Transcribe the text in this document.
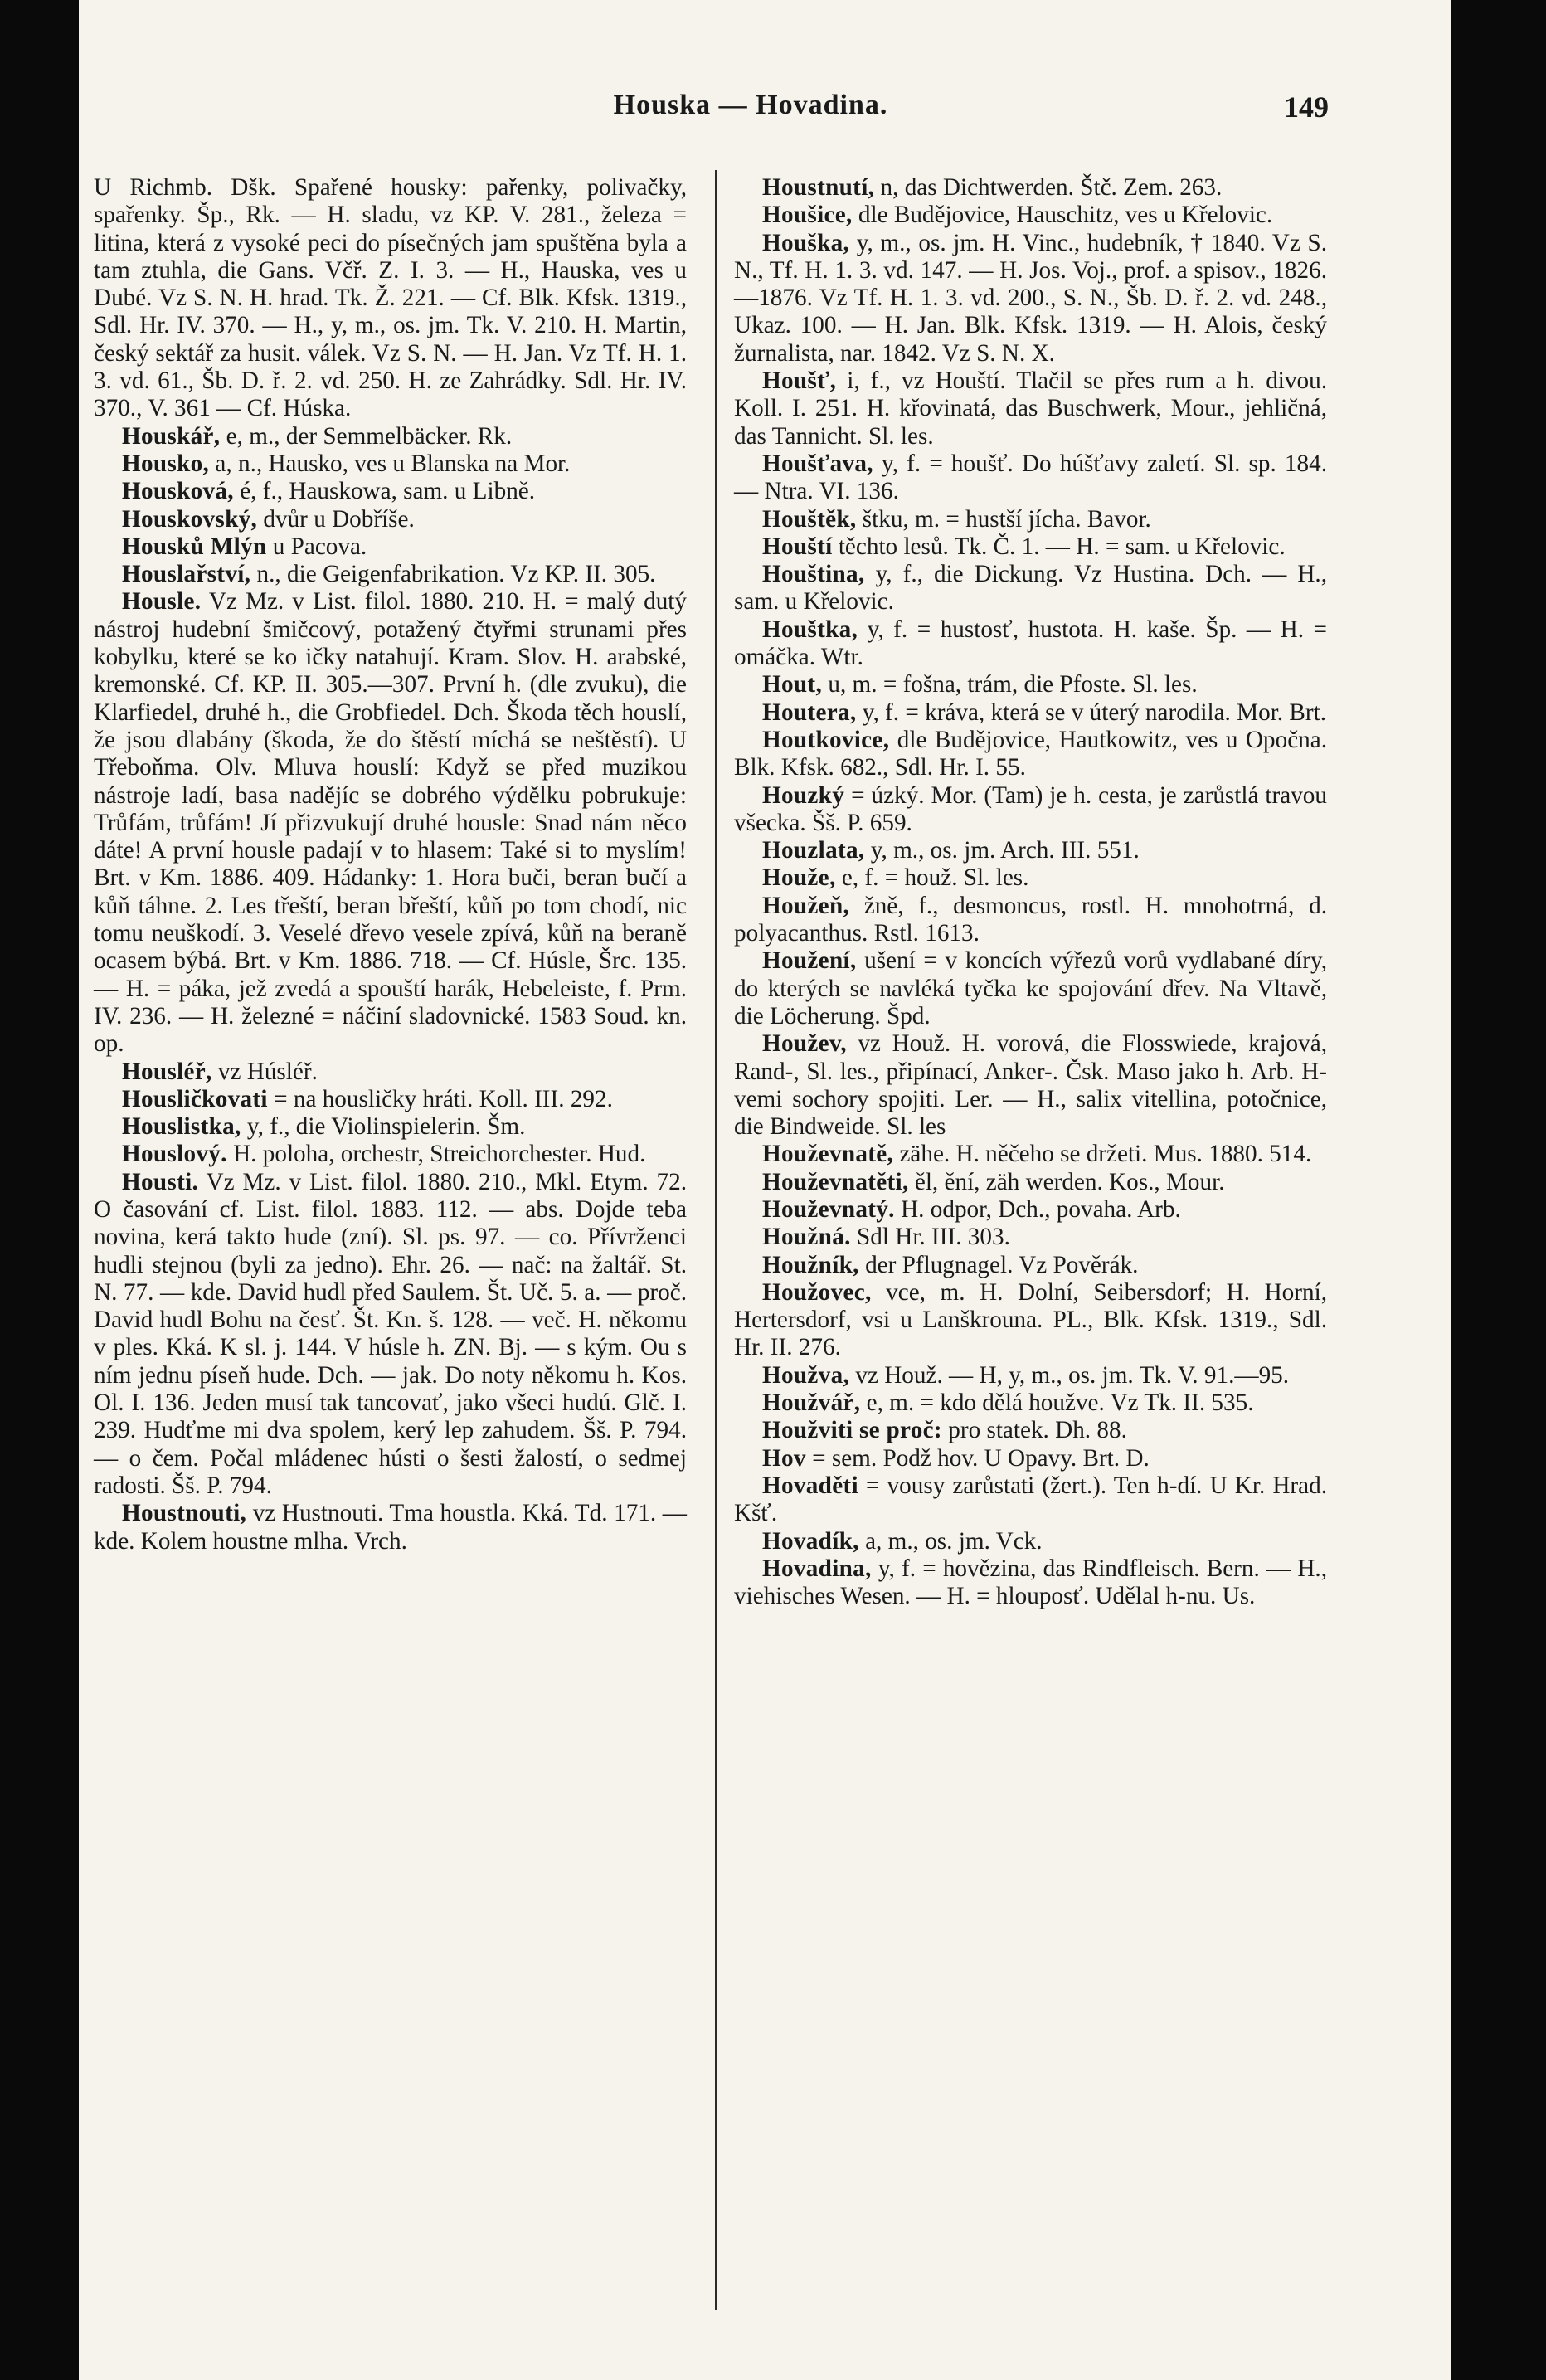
Houska — Hovadina.	149

U Richmb. Dšk. Spařené housky: pařenky, polivačky, spařenky. Šp., Rk. — H. sladu, vz KP. V. 281., železa = litina, která z vysoké peci do písečných jam spuštěna byla a tam ztuhla, die Gans. Včř. Z. I. 3. — H., Hauska, ves u Dubé. Vz S. N. H. hrad. Tk. Ž. 221. — Cf. Blk. Kfsk. 1319., Sdl. Hr. IV. 370. — H., y, m., os. jm. Tk. V. 210. H. Martin, český sektář za husit. válek. Vz S. N. — H. Jan. Vz Tf. H. 1. 3. vd. 61., Šb. D. ř. 2. vd. 250. H. ze Zahrádky. Sdl. Hr. IV. 370., V. 361 — Cf. Húska.

Houskář, e, m., der Semmelbäcker. Rk.

Housko, a, n., Hausko, ves u Blanska na Mor.

Housková, é, f., Hauskowa, sam. u Libně.

Houskovský, dvůr u Dobříše.

Housků Mlýn u Pacova.

Houslařství, n., die Geigenfabrikation. Vz KP. II. 305.

Housle. Vz Mz. v List. filol. 1880. 210. H. = malý dutý nástroj hudební šmičcový, potažený čtyřmi strunami přes kobylku, které se ko ičky natahují. Kram. Slov. H. arabské, kremonské. Cf. KP. II. 305.—307. První h. (dle zvuku), die Klarfiedel, druhé h., die Grobfiedel. Dch. Škoda těch houslí, že jsou dlabány (škoda, že do štěstí míchá se neštěstí). U Třeboňma. Olv. Mluva houslí: Když se před muzikou nástroje ladí, basa nadějíc se dobrého výdělku pobrukuje: Trůfám, trůfám! Jí přizvukují druhé housle: Snad nám něco dáte! A první housle padají v to hlasem: Také si to myslím! Brt. v Km. 1886. 409. Hádanky: 1. Hora buči, beran bučí a kůň táhne. 2. Les třeští, beran břeští, kůň po tom chodí, nic tomu neuškodí. 3. Veselé dřevo vesele zpívá, kůň na beraně ocasem býbá. Brt. v Km. 1886. 718. — Cf. Húsle, Šrc. 135. — H. = páka, jež zvedá a spouští harák, Hebeleiste, f. Prm. IV. 236. — H. železné = náčiní sladovnické. 1583 Soud. kn. op.

Housléř, vz Húsléř.

Housličkovati = na housličky hráti. Koll. III. 292.

Houslistka, y, f., die Violinspielerin. Šm.

Houslový. H. poloha, orchestr, Streichorchester. Hud.

Housti. Vz Mz. v List. filol. 1880. 210., Mkl. Etym. 72. O časování cf. List. filol. 1883. 112. — abs. Dojde teba novina, kerá takto hude (zní). Sl. ps. 97. — co. Přívrženci hudli stejnou (byli za jedno). Ehr. 26. — nač: na žaltář. St. N. 77. — kde. David hudl před Saulem. Št. Uč. 5. a. — proč. David hudl Bohu na česť. Št. Kn. š. 128. — več. H. někomu v ples. Kká. K sl. j. 144. V húsle h. ZN. Bj. — s kým. Ou s ním jednu píseň hude. Dch. — jak. Do noty někomu h. Kos. Ol. I. 136. Jeden musí tak tancovať, jako všeci hudú. Glč. I. 239. Hudťme mi dva spolem, kerý lep zahudem. Šš. P. 794. — o čem. Počal mládenec hústi o šesti žalostí, o sedmej radosti. Šš. P. 794.

Houstnouti, vz Hustnouti. Tma houstla. Kká. Td. 171. — kde. Kolem houstne mlha. Vrch.

Houstnutí, n, das Dichtwerden. Štč. Zem. 263.

Houšice, dle Budějovice, Hauschitz, ves u Křelovic.

Houška, y, m., os. jm. H. Vinc., hudebník, † 1840. Vz S. N., Tf. H. 1. 3. vd. 147. — H. Jos. Voj., prof. a spisov., 1826.—1876. Vz Tf. H. 1. 3. vd. 200., S. N., Šb. D. ř. 2. vd. 248., Ukaz. 100. — H. Jan. Blk. Kfsk. 1319. — H. Alois, český žurnalista, nar. 1842. Vz S. N. X.

Houšť, i, f., vz Houští. Tlačil se přes rum a h. divou. Koll. I. 251. H. křovinatá, das Buschwerk, Mour., jehličná, das Tannicht. Sl. les.

Houšťava, y, f. = houšť. Do húšťavy zaletí. Sl. sp. 184. — Ntra. VI. 136.

Houštěk, štku, m. = hustší jícha. Bavor.

Houští těchto lesů. Tk. Č. 1. — H. = sam. u Křelovic.

Houština, y, f., die Dickung. Vz Hustina. Dch. — H., sam. u Křelovic.

Houštka, y, f. = hustosť, hustota. H. kaše. Šp. — H. = omáčka. Wtr.

Hout, u, m. = fošna, trám, die Pfoste. Sl. les.

Houtera, y, f. = kráva, která se v úterý narodila. Mor. Brt.

Houtkovice, dle Budějovice, Hautkowitz, ves u Opočna. Blk. Kfsk. 682., Sdl. Hr. I. 55.

Houzký = úzký. Mor. (Tam) je h. cesta, je zarůstlá travou všecka. Šš. P. 659.

Houzlata, y, m., os. jm. Arch. III. 551.

Houže, e, f. = houž. Sl. les.

Houžeň, žně, f., desmoncus, rostl. H. mnohotrná, d. polyacanthus. Rstl. 1613.

Houžení, ušení = v koncích výřezů vorů vydlabané díry, do kterých se navléká tyčka ke spojování dřev. Na Vltavě, die Löcherung. Špd.

Houžev, vz Houž. H. vorová, die Flosswiede, krajová, Rand-, Sl. les., připínací, Anker-. Čsk. Maso jako h. Arb. H-vemi sochory spojiti. Ler. — H., salix vitellina, potočnice, die Bindweide. Sl. les

Houževnatě, zähe. H. něčeho se držeti. Mus. 1880. 514.

Houževnatěti, ěl, ění, zäh werden. Kos., Mour.

Houževnatý. H. odpor, Dch., povaha. Arb.

Houžná. Sdl Hr. III. 303.

Houžník, der Pflugnagel. Vz Pověrák.

Houžovec, vce, m. H. Dolní, Seibersdorf; H. Horní, Hertersdorf, vsi u Lanškrouna. PL., Blk. Kfsk. 1319., Sdl. Hr. II. 276.

Houžva, vz Houž. — H, y, m., os. jm. Tk. V. 91.—95.

Houžvář, e, m. = kdo dělá houžve. Vz Tk. II. 535.

Houžviti se proč: pro statek. Dh. 88.

Hov = sem. Podž hov. U Opavy. Brt. D.

Hovaděti = vousy zarůstati (žert.). Ten h-dí. U Kr. Hrad. Kšť.

Hovadík, a, m., os. jm. Vck.

Hovadina, y, f. = hovězina, das Rindfleisch. Bern. — H., viehisches Wesen. — H. = hlouposť. Udělal h-nu. Us.
